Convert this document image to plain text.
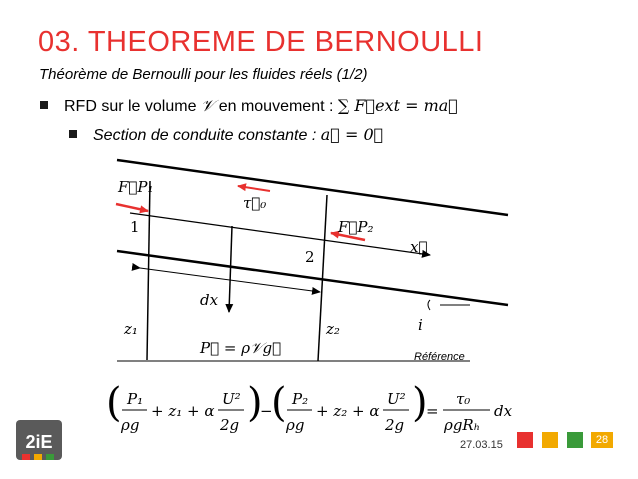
03. THEOREME DE BERNOULLI
Théorème de Bernoulli pour les fluides réels (1/2)
RFD sur le volume 𝒱 en mouvement : ∑ F⃗ext = ma⃗
Section de conduite constante : a⃗ = 0⃗
F⃗P₁
τ⃗₀
F⃗P₂
x⃗
1
2
dx
z₁	z₂	i
P⃗ = ρ𝒱g⃗	Référence
( P₁
ρg
+ z₁ + α
U²
2g )
−
( P₂
ρg
+ z₂ + α
U²
2g )
=
τ₀
ρgRₕ
dx
2iE	27.03.15	28
